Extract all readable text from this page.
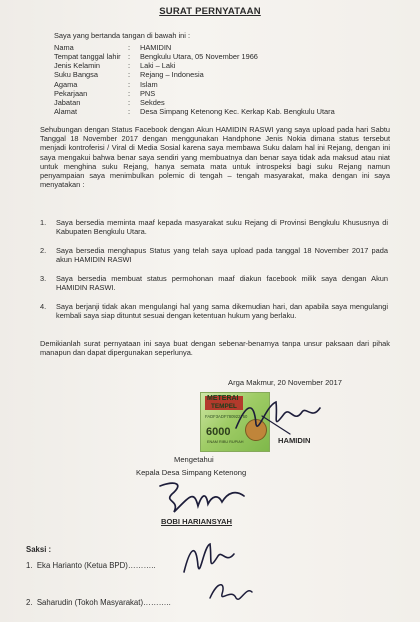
SURAT PERNYATAAN
Saya yang bertanda tangan di bawah ini :
Nama	: HAMIDIN
Tempat tanggal lahir : Bengkulu Utara, 05 November 1966
Jenis Kelamin	: Laki – Laki
Suku Bangsa	: Rejang – Indonesia
Agama	: Islam
Pekarjaan	: PNS
Jabatan	: Sekdes
Alamat	: Desa Simpang Ketenong Kec. Kerkap Kab. Bengkulu Utara
Sehubungan dengan Status Facebook dengan Akun HAMIDIN RASWI yang saya upload pada hari Sabtu Tanggal 18 November 2017 dengan menggunakan Handphone Jenis Nokia dimana status tersebut menjadi kontroferisi / Viral di Media Sosial karena saya membawa Suku dalam hal ini Rejang, dengan ini saya mengakui bahwa benar saya sendiri yang membuatnya dan benar saya tidak ada maksud atau niat untuk menghina suku Rejang, hanya semata mata untuk introspeksi bagi suku Rejang namun penyampaian saya menimbulkan polemic di tengah – tengah masyarakat, maka dengan ini saya menyatakan :
1.	Saya bersedia meminta maaf kepada masyarakat suku Rejang di Provinsi Bengkulu Khususnya di Kabupaten Bengkulu Utara.
2.	Saya bersedia menghapus Status yang telah saya upload pada tanggal 18 November 2017 pada akun HAMIDIN RASWI
3.	Saya bersedia membuat status permohonan maaf diakun facebook milik saya dengan Akun HAMIDIN RASWI.
4.	Saya berjanji tidak akan mengulangi hal yang sama dikemudian hari, dan apabila saya mengulangi kembali saya siap dituntut sesuai dengan ketentuan hukum yang berlaku.
Demikianlah surat pernyataan ini saya buat dengan sebenar-benarnya tanpa unsur paksaan dari pihak manapun dan dapat dipergunakan seperlunya.
Arga Makmur, 20 November 2017
METERAI
TEMPEL
FADF3ADF780922750
6000
ENAM RIBU RUPIAH	HAMIDIN
Mengetahui
Kepala Desa Simpang Ketenong
BOBI HARIANSYAH
Saksi :
1. Eka Harianto (Ketua BPD)………..
2. Saharudin (Tokoh Masyarakat)………..
